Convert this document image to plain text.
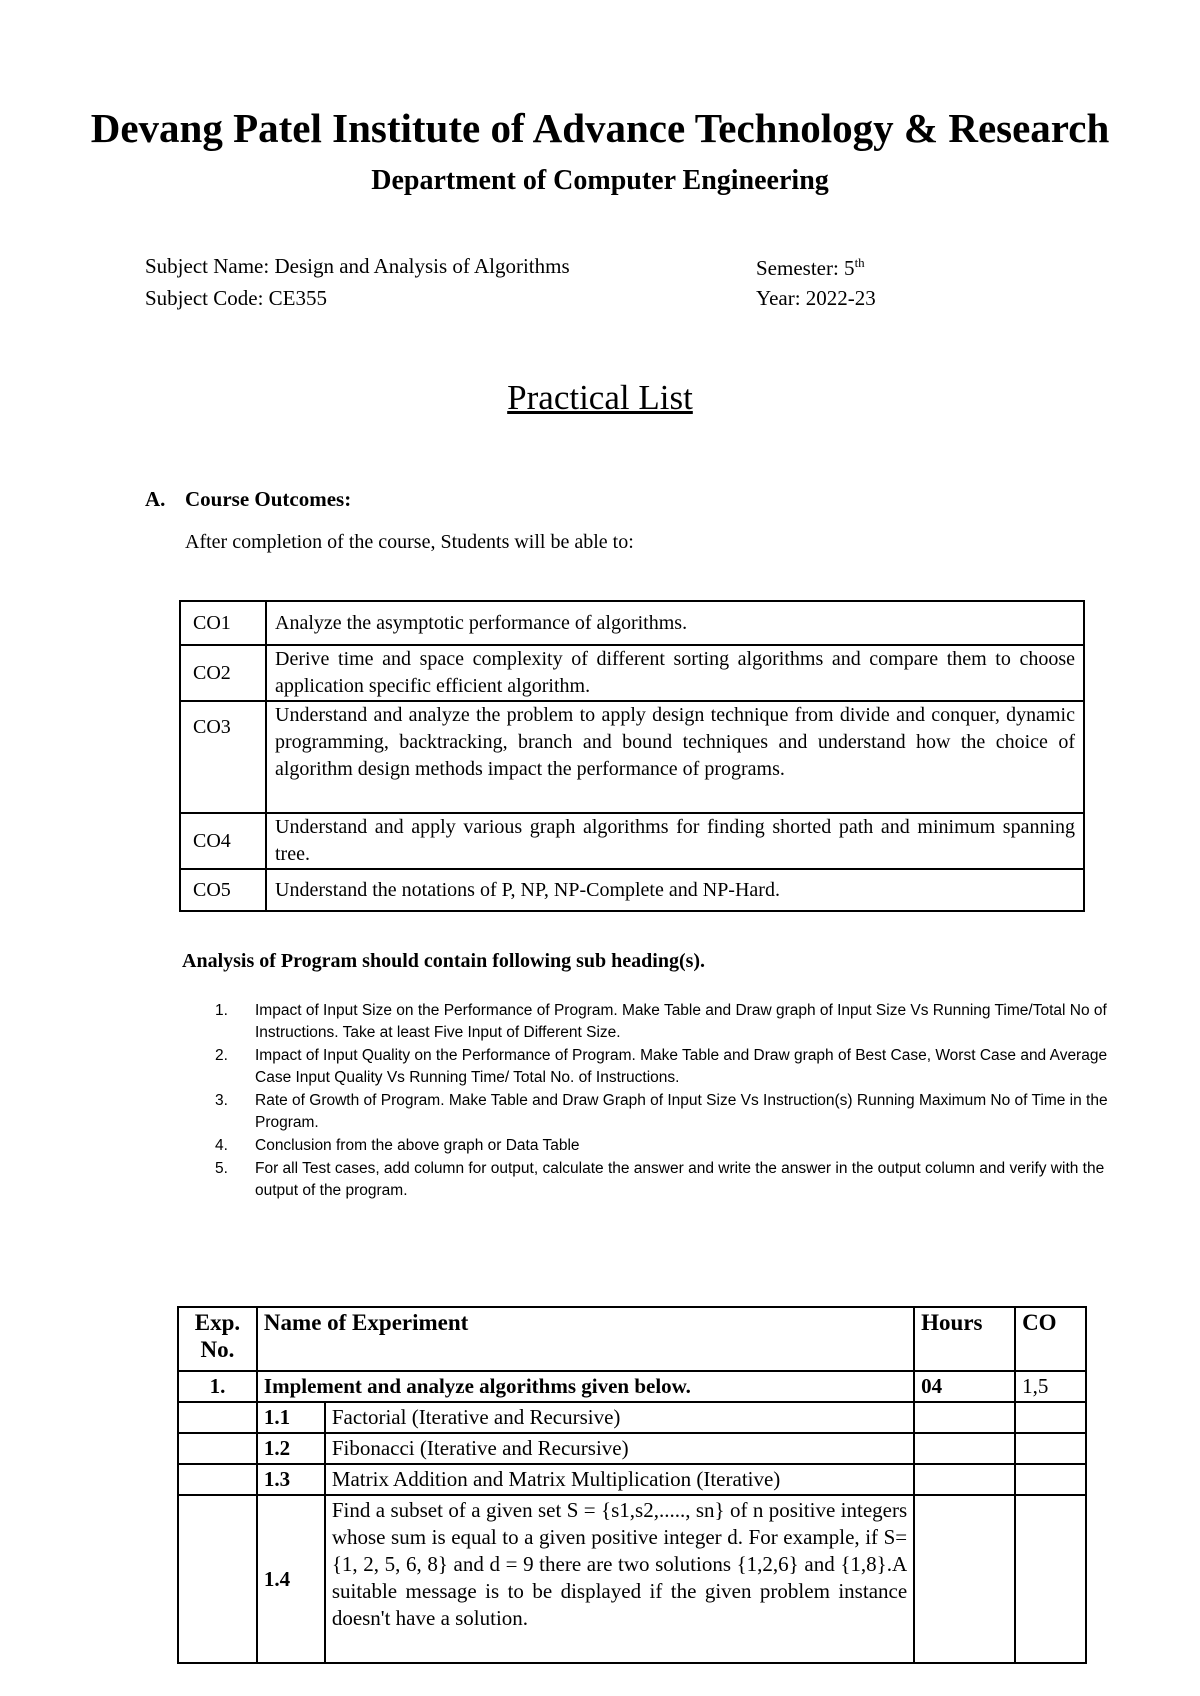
Devang Patel Institute of Advance Technology & Research
Department of Computer Engineering
Subject Name: Design and Analysis of Algorithms
Subject Code: CE355
Semester: 5th
Year: 2022-23
Practical List
A. Course Outcomes:
After completion of the course, Students will be able to:
CO1	Analyze the asymptotic performance of algorithms.
CO2	Derive time and space complexity of different sorting algorithms and compare them to choose application specific efficient algorithm.
CO3	Understand and analyze the problem to apply design technique from divide and conquer, dynamic programming, backtracking, branch and bound techniques and understand how the choice of algorithm design methods impact the performance of programs.
CO4	Understand and apply various graph algorithms for finding shorted path and minimum spanning tree.
CO5	Understand the notations of P, NP, NP-Complete and NP-Hard.
Analysis of Program should contain following sub heading(s).
1.	Impact of Input Size on the Performance of Program. Make Table and Draw graph of Input Size Vs Running Time/Total No of Instructions. Take at least Five Input of Different Size.
2.	Impact of Input Quality on the Performance of Program. Make Table and Draw graph of Best Case, Worst Case and Average Case Input Quality Vs Running Time/ Total No. of Instructions.
3.	Rate of Growth of Program. Make Table and Draw Graph of Input Size Vs Instruction(s) Running Maximum No of Time in the Program.
4.	Conclusion from the above graph or Data Table
5.	For all Test cases, add column for output, calculate the answer and write the answer in the output column and verify with the output of the program.
Exp. No.	Name of Experiment		Hours	CO
1.	Implement and analyze algorithms given below.		04	1,5
	1.1	Factorial (Iterative and Recursive)		
	1.2	Fibonacci (Iterative and Recursive)		
	1.3	Matrix Addition and Matrix Multiplication (Iterative)		
	1.4	Find a subset of a given set S = {s1,s2,....., sn} of n positive integers whose sum is equal to a given positive integer d. For example, if S= {1, 2, 5, 6, 8} and d = 9 there are two solutions {1,2,6} and {1,8}.A suitable message is to be displayed if the given problem instance doesn't have a solution.		
